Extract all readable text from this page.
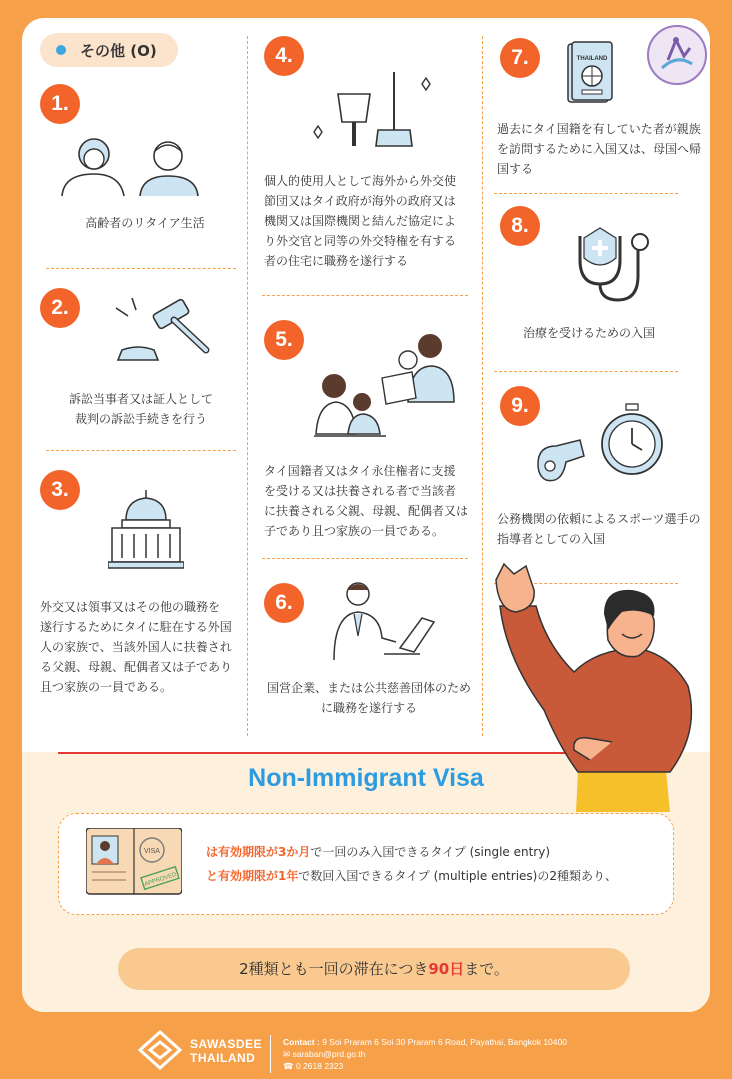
その他 (O)
1.
高齢者のリタイア生活
2.
訴訟当事者又は証人として
裁判の訴訟手続きを行う
3.
外交又は領事又はその他の職務を
遂行するためにタイに駐在する外国
人の家族で、当該外国人に扶養され
る父親、母親、配偶者又は子であり
且つ家族の一員である。
4.
個人的使用人として海外から外交使
節団又はタイ政府が海外の政府又は
機関又は国際機関と結んだ協定によ
り外交官と同等の外交特権を有する
者の住宅に職務を遂行する
5.
タイ国籍者又はタイ永住権者に支援
を受ける又は扶養される者で当該者
に扶養される父親、母親、配偶者又は
子であり且つ家族の一員である。
6.
国営企業、または公共慈善団体のため
に職務を遂行する
7.	THAILAND
過去にタイ国籍を有していた者が親族
を訪問するために入国又は、母国へ帰
国する
8.
治療を受けるための入国
9.
公務機関の依頼によるスポーツ選手の
指導者としての入国
Non-Immigrant Visa
VISA
APPROVED
は有効期限が3か月で一回のみ入国できるタイプ (single entry)
と有効期限が1年で数回入国できるタイプ (multiple entries)の2種類あり、
2種類とも一回の滞在につき90日まで。
SAWASDEE
THAILAND
Contact : 9 Soi Praram 6 Soi 30 Praram 6 Road, Payathai, Bangkok 10400
✉ saraban@prd.go.th
☎ 0 2618 2323
